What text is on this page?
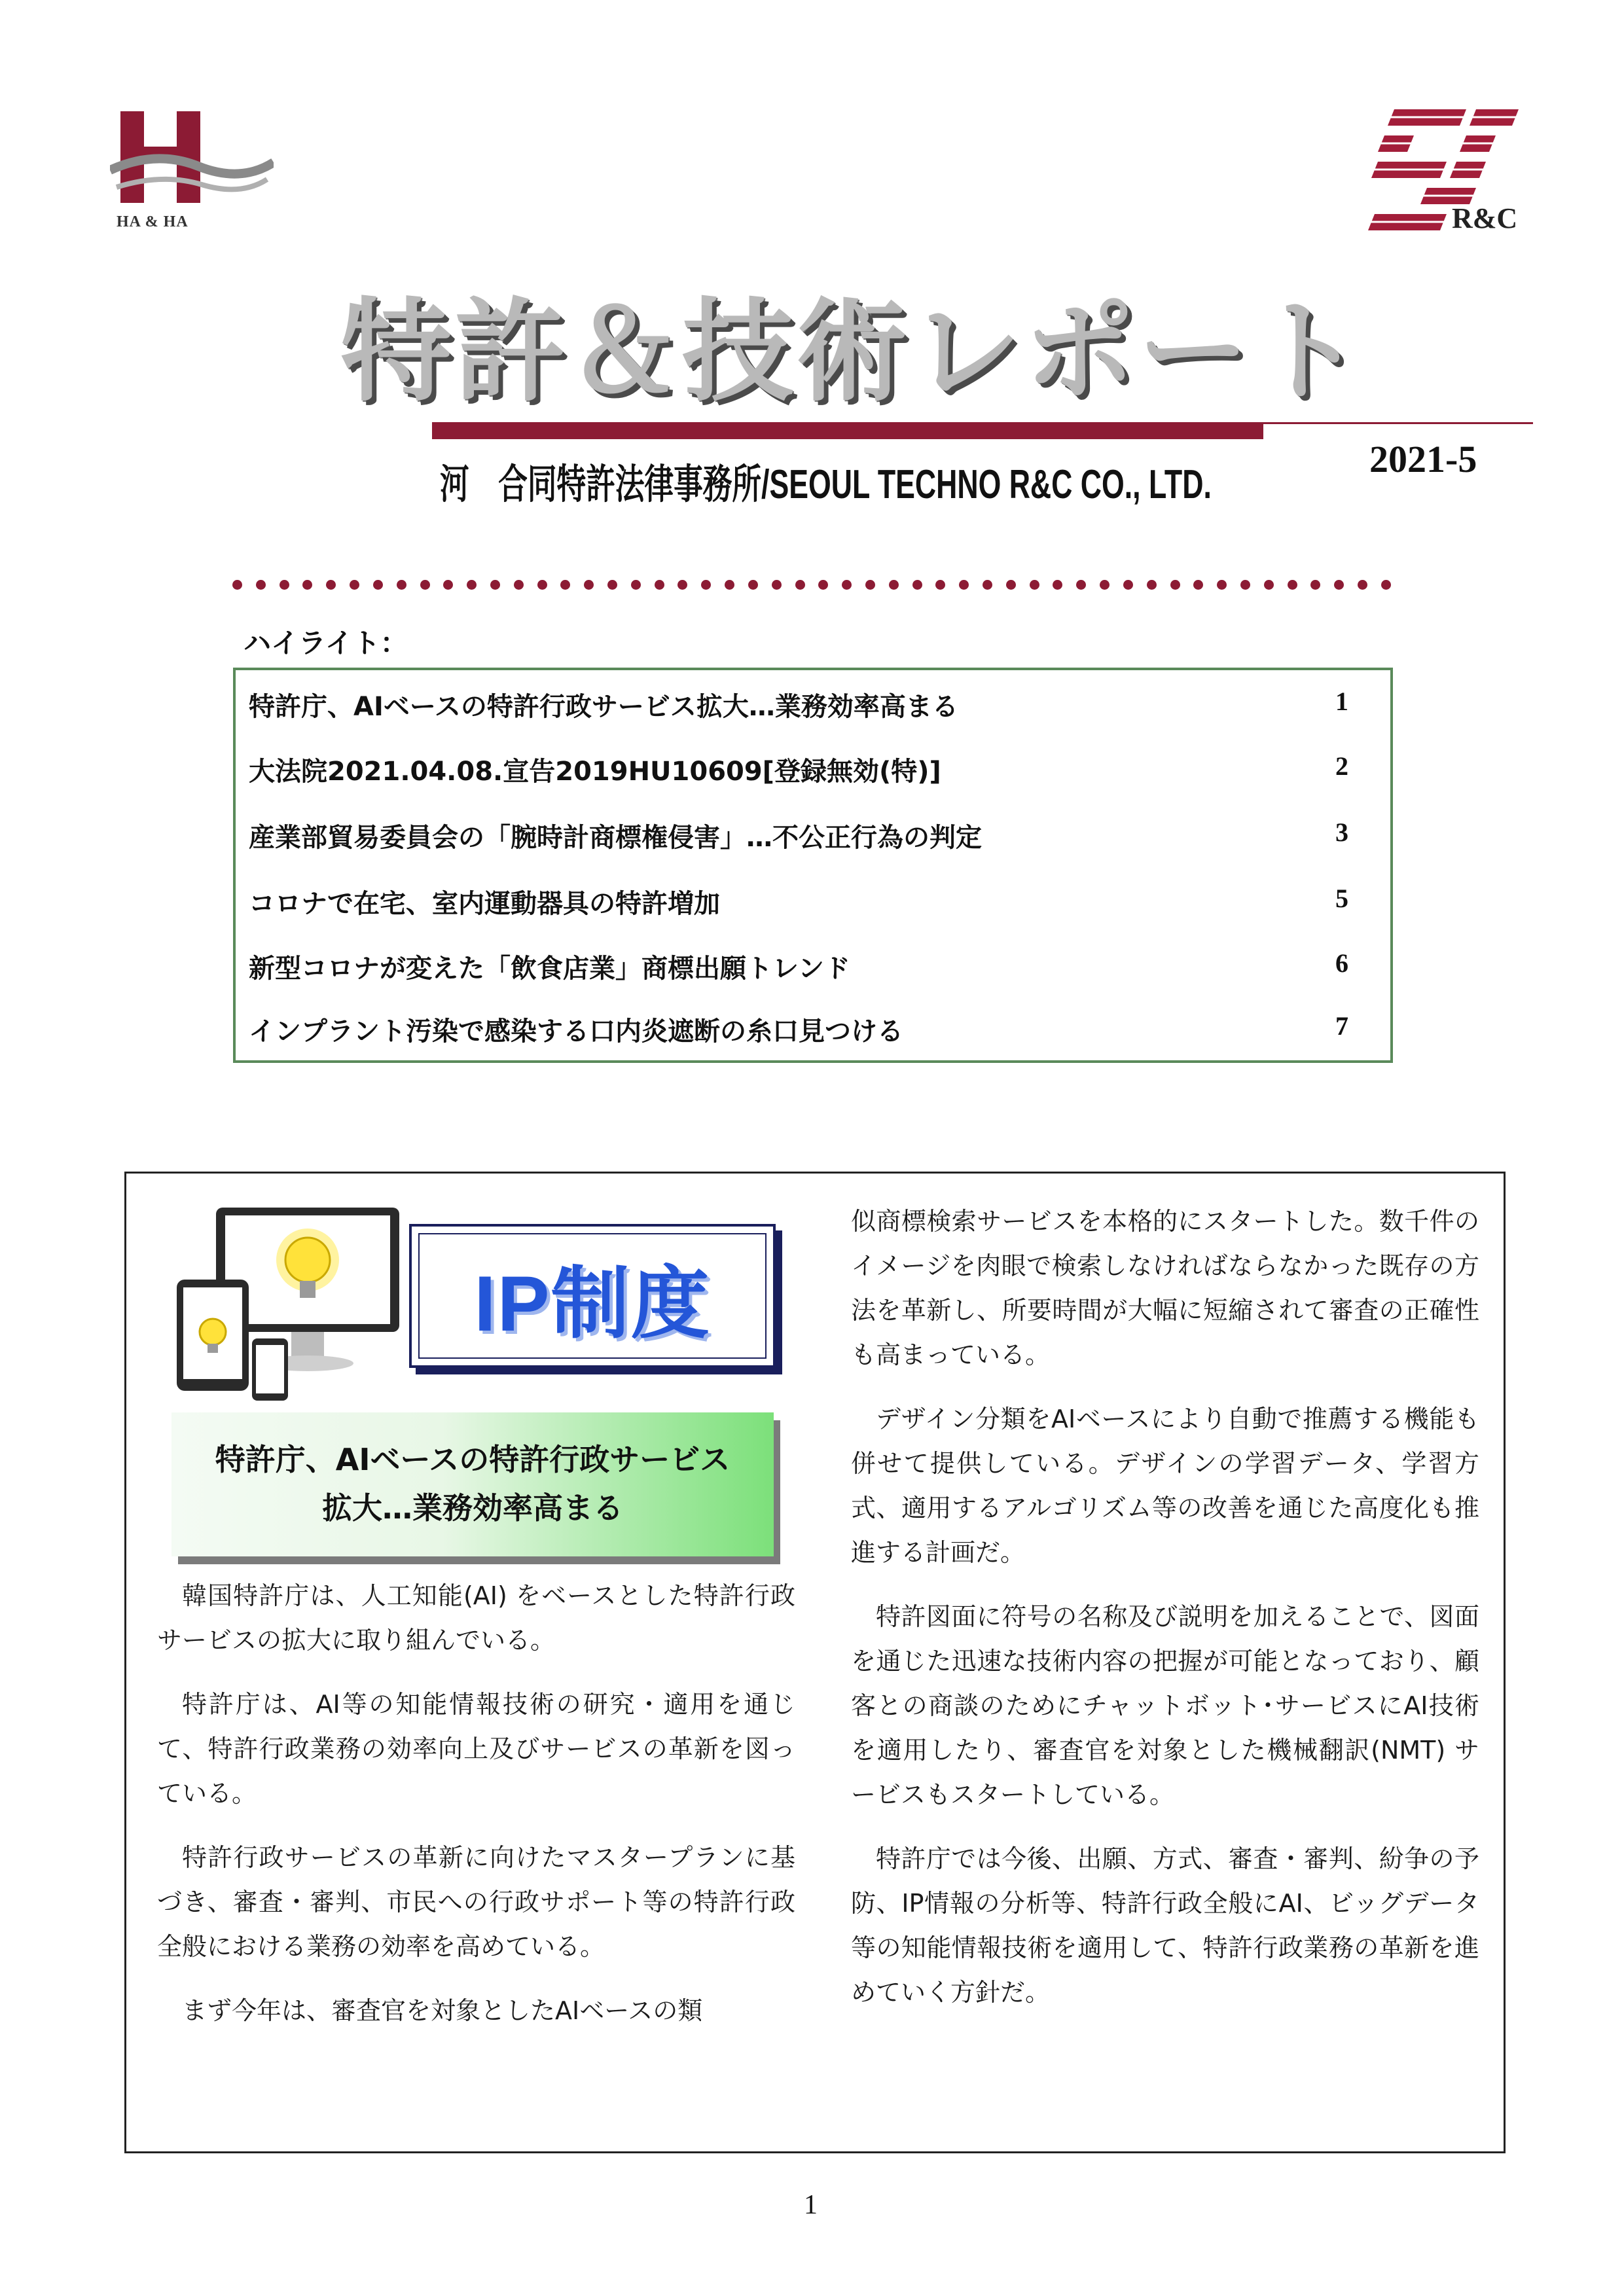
HA & HA	R&C
特許＆技術レポート
河　合同特許法律事務所/SEOUL TECHNO R&C CO., LTD.
2021-5
ハイライト：
特許庁、AIベースの特許行政サービス拡大…業務効率高まる	1
大法院2021.04.08.宣告2019HU10609[登録無効(特)]	2
産業部貿易委員会の「腕時計商標権侵害」…不公正行為の判定	3
コロナで在宅、室内運動器具の特許増加	5
新型コロナが変えた「飲食店業」商標出願トレンド	6
インプラント汚染で感染する口内炎遮断の糸口見つける	7
IP制度
特許庁、AIベースの特許行政サービス
拡大…業務効率高まる

韓国特許庁は、人工知能(AI) をベースとした特許行政サービスの拡大に取り組んでいる。

特許庁は、AI等の知能情報技術の研究・適用を通じて、特許行政業務の効率向上及びサービスの革新を図っている。

特許行政サービスの革新に向けたマスタープランに基づき、審査・審判、市民への行政サポート等の特許行政全般における業務の効率を高めている。

まず今年は、審査官を対象としたAIベースの類

似商標検索サービスを本格的にスタートした。数千件のイメージを肉眼で検索しなければならなかった既存の方法を革新し、所要時間が大幅に短縮されて審査の正確性も高まっている。

デザイン分類をAIベースにより自動で推薦する機能も併せて提供している。デザインの学習データ、学習方式、適用するアルゴリズム等の改善を通じた高度化も推進する計画だ。

特許図面に符号の名称及び説明を加えることで、図面を通じた迅速な技術内容の把握が可能となっており、顧客との商談のためにチャットボット･サービスにAI技術を適用したり、審査官を対象とした機械翻訳(NMT) サービスもスタートしている。

特許庁では今後、出願、方式、審査・審判、紛争の予防、IP情報の分析等、特許行政全般にAI、ビッグデータ等の知能情報技術を適用して、特許行政業務の革新を進めていく方針だ。

1
